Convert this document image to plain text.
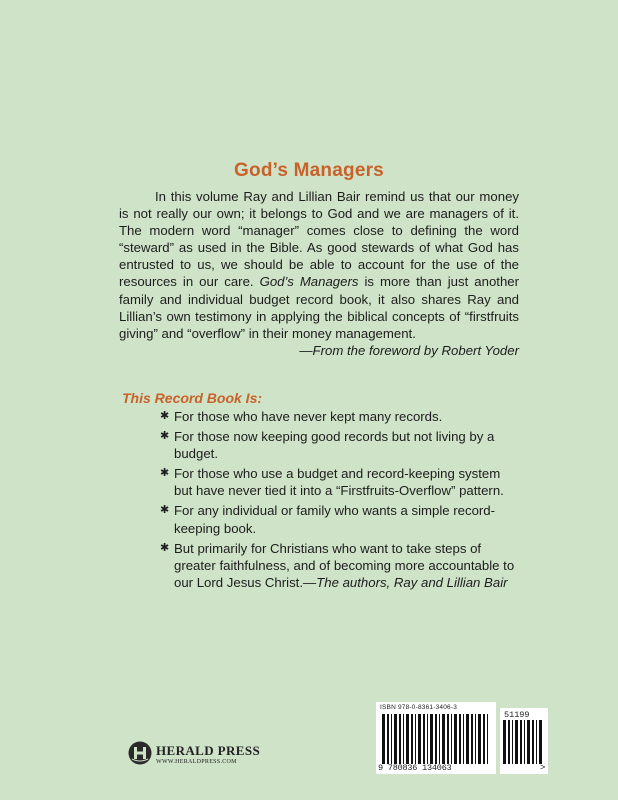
God’s Managers
In this volume Ray and Lillian Bair remind us that our money is not really our own; it belongs to God and we are managers of it. The modern word “manager” comes close to defining the word “steward” as used in the Bible. As good stewards of what God has entrusted to us, we should be able to account for the use of the resources in our care. God’s Managers is more than just another family and individual budget record book, it also shares Ray and Lillian’s own testimony in applying the biblical concepts of “firstfruits giving” and “overflow” in their money management.
—From the foreword by Robert Yoder
This Record Book Is:
✱ For those who have never kept many records.
✱ For those now keeping good records but not living by a budget.
✱ For those who use a budget and record-keeping system but have never tied it into a “Firstfruits-Overflow” pattern.
✱ For any individual or family who wants a simple record-keeping book.
✱ But primarily for Christians who want to take steps of greater faithfulness, and of becoming more accountable to our Lord Jesus Christ.—The authors, Ray and Lillian Bair
ISBN 978-0-8361-3406-3
9 780836 134063
51199
>
HERALD PRESS
WWW.HERALDPRESS.COM
